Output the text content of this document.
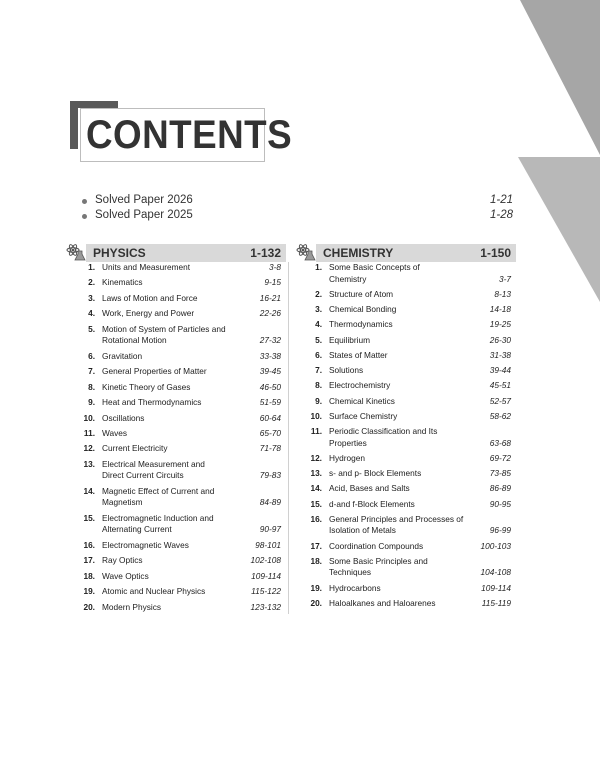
CONTENTS
Solved Paper 2026	1-21
Solved Paper 2025	1-28
PHYSICS	1-132	CHEMISTRY	1-150
1. Units and Measurement	3-8
2. Kinematics	9-15
3. Laws of Motion and Force	16-21
4. Work, Energy and Power	22-26
5. Motion of System of Particles and
Rotational Motion	27-32
6. Gravitation	33-38
7. General Properties of Matter	39-45
8. Kinetic Theory of Gases	46-50
9. Heat and Thermodynamics	51-59
10. Oscillations	60-64
11. Waves	65-70
12. Current Electricity	71-78
13. Electrical Measurement and
Direct Current Circuits	79-83
14. Magnetic Effect of Current and
Magnetism	84-89
15. Electromagnetic Induction and
Alternating Current	90-97
16. Electromagnetic Waves	98-101
17. Ray Optics	102-108
18. Wave Optics	109-114
19. Atomic and Nuclear Physics	115-122
20. Modern Physics	123-132
1. Some Basic Concepts of
Chemistry	3-7
2. Structure of Atom	8-13
3. Chemical Bonding	14-18
4. Thermodynamics	19-25
5. Equilibrium	26-30
6. States of Matter	31-38
7. Solutions	39-44
8. Electrochemistry	45-51
9. Chemical Kinetics	52-57
10. Surface Chemistry	58-62
11. Periodic Classification and Its
Properties	63-68
12. Hydrogen	69-72
13. s- and p- Block Elements	73-85
14. Acid, Bases and Salts	86-89
15. d-and f-Block Elements	90-95
16. General Principles and Processes of
Isolation of Metals	96-99
17. Coordination Compounds	100-103
18. Some Basic Principles and
Techniques	104-108
19. Hydrocarbons	109-114
20. Haloalkanes and Haloarenes	115-119
